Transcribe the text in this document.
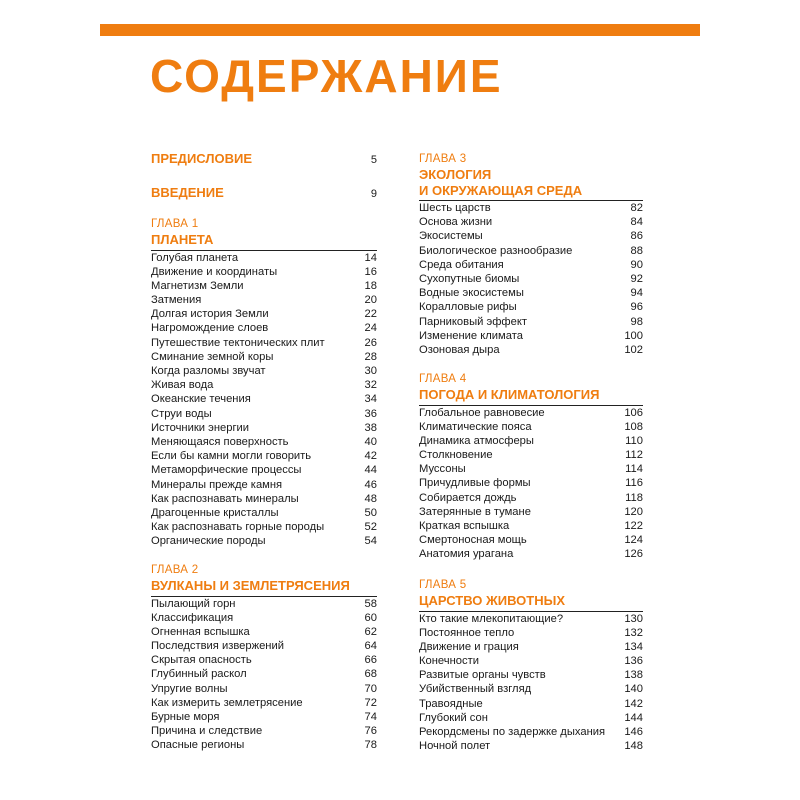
СОДЕРЖАНИЕ
ПРЕДИСЛОВИЕ	5
ВВЕДЕНИЕ	9
ГЛАВА 1
ПЛАНЕТА
Голубая планета	14
Движение и координаты	16
Магнетизм Земли	18
Затмения	20
Долгая история Земли	22
Нагромождение слоев	24
Путешествие тектонических плит	26
Сминание земной коры	28
Когда разломы звучат	30
Живая вода	32
Океанские течения	34
Струи воды	36
Источники энергии	38
Меняющаяся поверхность	40
Если бы камни могли говорить	42
Метаморфические процессы	44
Минералы прежде камня	46
Как распознавать минералы	48
Драгоценные кристаллы	50
Как распознавать горные породы	52
Органические породы	54
ГЛАВА 2
ВУЛКАНЫ И ЗЕМЛЕТРЯСЕНИЯ
Пылающий горн	58
Классификация	60
Огненная вспышка	62
Последствия извержений	64
Скрытая опасность	66
Глубинный раскол	68
Упругие волны	70
Как измерить землетрясение	72
Бурные моря	74
Причина и следствие	76
Опасные регионы	78
ГЛАВА 3
ЭКОЛОГИЯ
И ОКРУЖАЮЩАЯ СРЕДА
Шесть царств	82
Основа жизни	84
Экосистемы	86
Биологическое разнообразие	88
Среда обитания	90
Сухопутные биомы	92
Водные экосистемы	94
Коралловые рифы	96
Парниковый эффект	98
Изменение климата	100
Озоновая дыра	102
ГЛАВА 4
ПОГОДА И КЛИМАТОЛОГИЯ
Глобальное равновесие	106
Климатические пояса	108
Динамика атмосферы	110
Столкновение	112
Муссоны	114
Причудливые формы	116
Собирается дождь	118
Затерянные в тумане	120
Краткая вспышка	122
Смертоносная мощь	124
Анатомия урагана	126
ГЛАВА 5
ЦАРСТВО ЖИВОТНЫХ
Кто такие млекопитающие?	130
Постоянное тепло	132
Движение и грация	134
Конечности	136
Развитые органы чувств	138
Убийственный взгляд	140
Травоядные	142
Глубокий сон	144
Рекордсмены по задержке дыхания 146
Ночной полет	148
